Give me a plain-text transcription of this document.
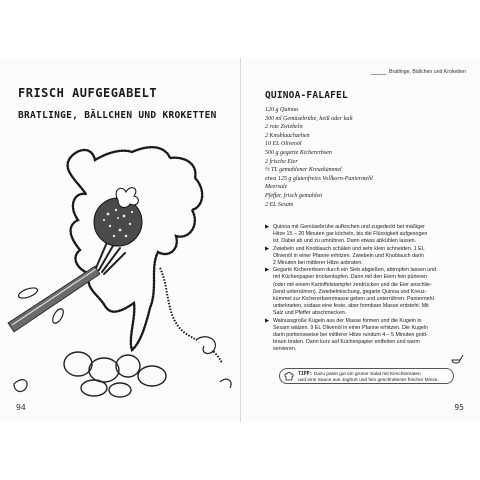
FRISCH AUFGEGABELT
BRATLINGE, BÄLLCHEN UND KROKETTEN
94
Bratlinge, Bällchen und Kroketten
QUINOA-FALAFEL
120 g Quinoa
300 ml Gemüsebrühe, heiß oder kalt
2 rote Zwiebeln
2 Knoblauchzehen
10 EL Olivenöl
500 g gegarte Kichererbsen
2 frische Eier
½ TL gemahlener Kreuzkümmel
etwa 125 g glutenfreies Vollkorn-Paniermehl
Meersalz
Pfeffer, frisch gemahlen
2 EL Sesam
▶ Quinoa mit Gemüsebrühe aufkochen und zugedeckt bei mäßiger
Hitze 15 – 20 Minuten gar köcheln, bis die Flüssigkeit aufgesogen
ist. Dabei ab und zu umrühren. Dann etwas abkühlen lassen.
▶ Zwiebeln und Knoblauch schälen und sehr klein schneiden. 1 EL
Olivenöl in einer Pfanne erhitzen. Zwiebeln und Knoblauch darin
2 Minuten bei mittlerer Hitze anbraten.
▶ Gegarte Kichererbsen durch ein Sieb abgießen, abtropfen lassen und
mit Küchenpapier trockentupfen. Dann mit den Eiern fein pürieren
(oder mit einem Kartoffelstampfer zerdrücken und die Eier anschlie-
ßend unterrühren). Zwiebelmischung, gegarte Quinoa und Kreuz-
kümmel zur Kichererbsenmasse geben und unterrühren. Paniermehl
unterkneten, sodass eine feste, aber formbare Masse entsteht. Mit
Salz und Pfeffer abschmecken.
▶ Walnussgroße Kugeln aus der Masse formen und die Kugeln in
Sesam wälzen. 9 EL Olivenöl in einer Pfanne erhitzen. Die Kugeln
darin portionsweise bei mittlerer Hitze rundum 4 – 5 Minuten gold-
braun braten. Dann kurz auf Küchenpapier entfetten und warm
servieren.
TIPP: Dazu passt gut ein grüner Salat mit Kirschtomaten
und eine Sauce aus Joghurt und fein geschnittener frischer Minze.
95
